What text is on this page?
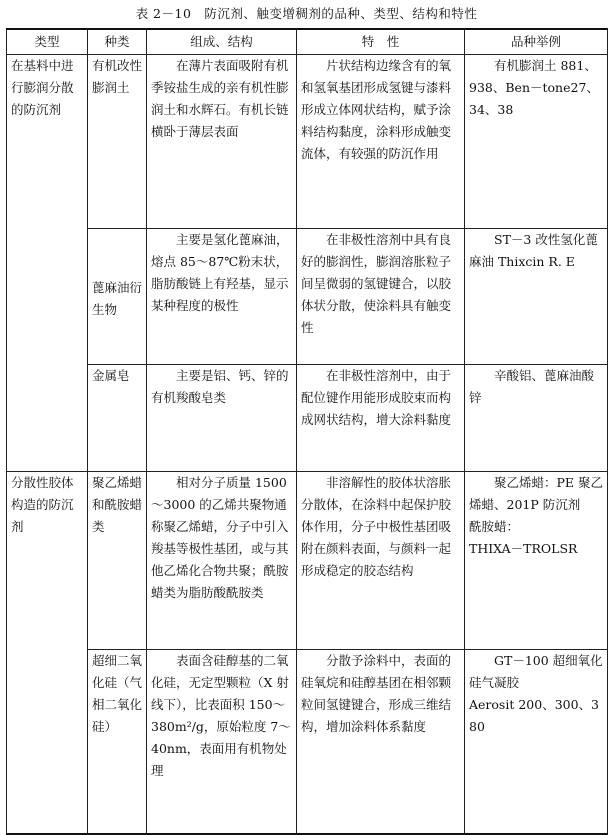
表 2－10　防沉剂、触变增稠剂的品种、类型、结构和特性
类型	种类	组成、结构	特　性	品种举例
在基料中进行膨润分散的防沉剂	有机改性膨润土	在薄片表面吸附有机季铵盐生成的亲有机性膨润土和水辉石。有机长链横卧于薄层表面	片状结构边缘含有的氧和氢氧基团形成氢键与漆料形成立体网状结构，赋予涂料结构黏度，涂料形成触变流体，有较强的防沉作用	有机膨润土 881、938、Ben－tone27、34、38

	蓖麻油衍生物	主要是氢化蓖麻油，熔点 85～87℃粉末状，脂肪酸链上有羟基，显示某种程度的极性	在非极性溶剂中具有良好的膨润性，膨润溶胀粒子间呈微弱的氢键键合，以胶体状分散，使涂料具有触变性	ST－3 改性氢化蓖麻油 Thixcin R. E

	金属皂	主要是铝、钙、锌的有机羧酸皂类	在非极性溶剂中，由于配位键作用能形成胶束而构成网状结构，增大涂料黏度	辛酸铝、蓖麻油酸锌

分散性胶体构造的防沉剂	聚乙烯蜡和酰胺蜡类	相对分子质量 1500～3000 的乙烯共聚物通称聚乙烯蜡，分子中引入羧基等极性基团，或与其他乙烯化合物共聚；酰胺蜡类为脂肪酸酰胺类	非溶解性的胶体状溶胀分散体，在涂料中起保护胶体作用，分子中极性基团吸附在颜料表面，与颜料一起形成稳定的胶态结构	聚乙烯蜡：PE 聚乙烯蜡、201P 防沉剂
酰胺蜡：
THIXA－TROLSR

	超细二氧化硅（气相二氧化硅）	表面含硅醇基的二氧化硅，无定型颗粒（X 射线下），比表面积 150～380m²/g，原始粒度 7～40nm，表面用有机物处理	分散予涂料中，表面的硅氧烷和硅醇基团在相邻颗粒间氢键键合，形成三维结构，增加涂料体系黏度	GT－100 超细氧化硅气凝胶
Aerosit 200、300、380
